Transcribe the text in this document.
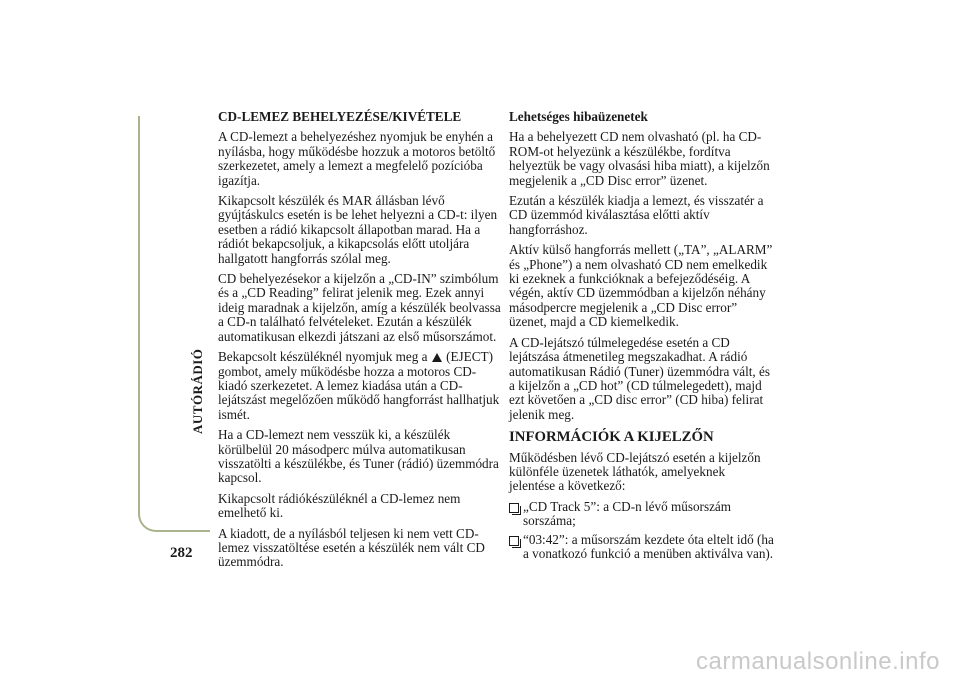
AUTÓRÁDIÓ
282
CD-LEMEZ BEHELYEZÉSE/KIVÉTELE

A CD-lemezt a behelyezéshez nyomjuk be enyhén a nyílásba, hogy működésbe hozzuk a motoros betöltő szerkezetet, amely a lemezt a megfelelő pozícióba igazítja.

Kikapcsolt készülék és MAR állásban lévő gyújtáskulcs esetén is be lehet helyezni a CD-t: ilyen esetben a rádió kikapcsolt állapotban marad. Ha a rádiót bekapcsoljuk, a kikapcsolás előtt utoljára hallgatott hangforrás szólal meg.

CD behelyezésekor a kijelzőn a „CD-IN” szimbólum és a „CD Reading” felirat jelenik meg. Ezek annyi ideig maradnak a kijelzőn, amíg a készülék beolvassa a CD-n található felvételeket. Ezután a készülék automatikusan elkezdi játszani az első műsorszámot.

Bekapcsolt készüléknél nyomjuk meg a (EJECT) gombot, amely működésbe hozza a motoros CD-kiadó szerkezetet. A lemez kiadása után a CD-lejátszást megelőzően működő hangforrást hallhatjuk ismét.

Ha a CD-lemezt nem vesszük ki, a készülék körülbelül 20 másodperc múlva automatikusan visszatölti a készülékbe, és Tuner (rádió) üzemmódra kapcsol.

Kikapcsolt rádiókészüléknél a CD-lemez nem emelhető ki.

A kiadott, de a nyílásból teljesen ki nem vett CD-lemez visszatöltése esetén a készülék nem vált CD üzemmódra.

Lehetséges hibaüzenetek

Ha a behelyezett CD nem olvasható (pl. ha CD-ROM-ot helyezünk a készülékbe, fordítva helyeztük be vagy olvasási hiba miatt), a kijelzőn megjelenik a „CD Disc error” üzenet.

Ezután a készülék kiadja a lemezt, és visszatér a CD üzemmód kiválasztása előtti aktív hangforráshoz.

Aktív külső hangforrás mellett („TA”, „ALARM” és „Phone”) a nem olvasható CD nem emelkedik ki ezeknek a funkcióknak a befejeződéséig. A végén, aktív CD üzemmódban a kijelzőn néhány másodpercre megjelenik a „CD Disc error” üzenet, majd a CD kiemelkedik.

A CD-lejátszó túlmelegedése esetén a CD lejátszása átmenetileg megszakadhat. A rádió automatikusan Rádió (Tuner) üzemmódra vált, és a kijelzőn a „CD hot” (CD túlmelegedett), majd ezt követően a „CD disc error” (CD hiba) felirat jelenik meg.

INFORMÁCIÓK A KIJELZŐN

Működésben lévő CD-lejátszó esetén a kijelzőn különféle üzenetek láthatók, amelyeknek jelentése a következő:

„CD Track 5”: a CD-n lévő műsorszám sorszáma;
“03:42”: a műsorszám kezdete óta eltelt idő (ha a vonatkozó funkció a menüben aktiválva van).
carmanualsonline.info
